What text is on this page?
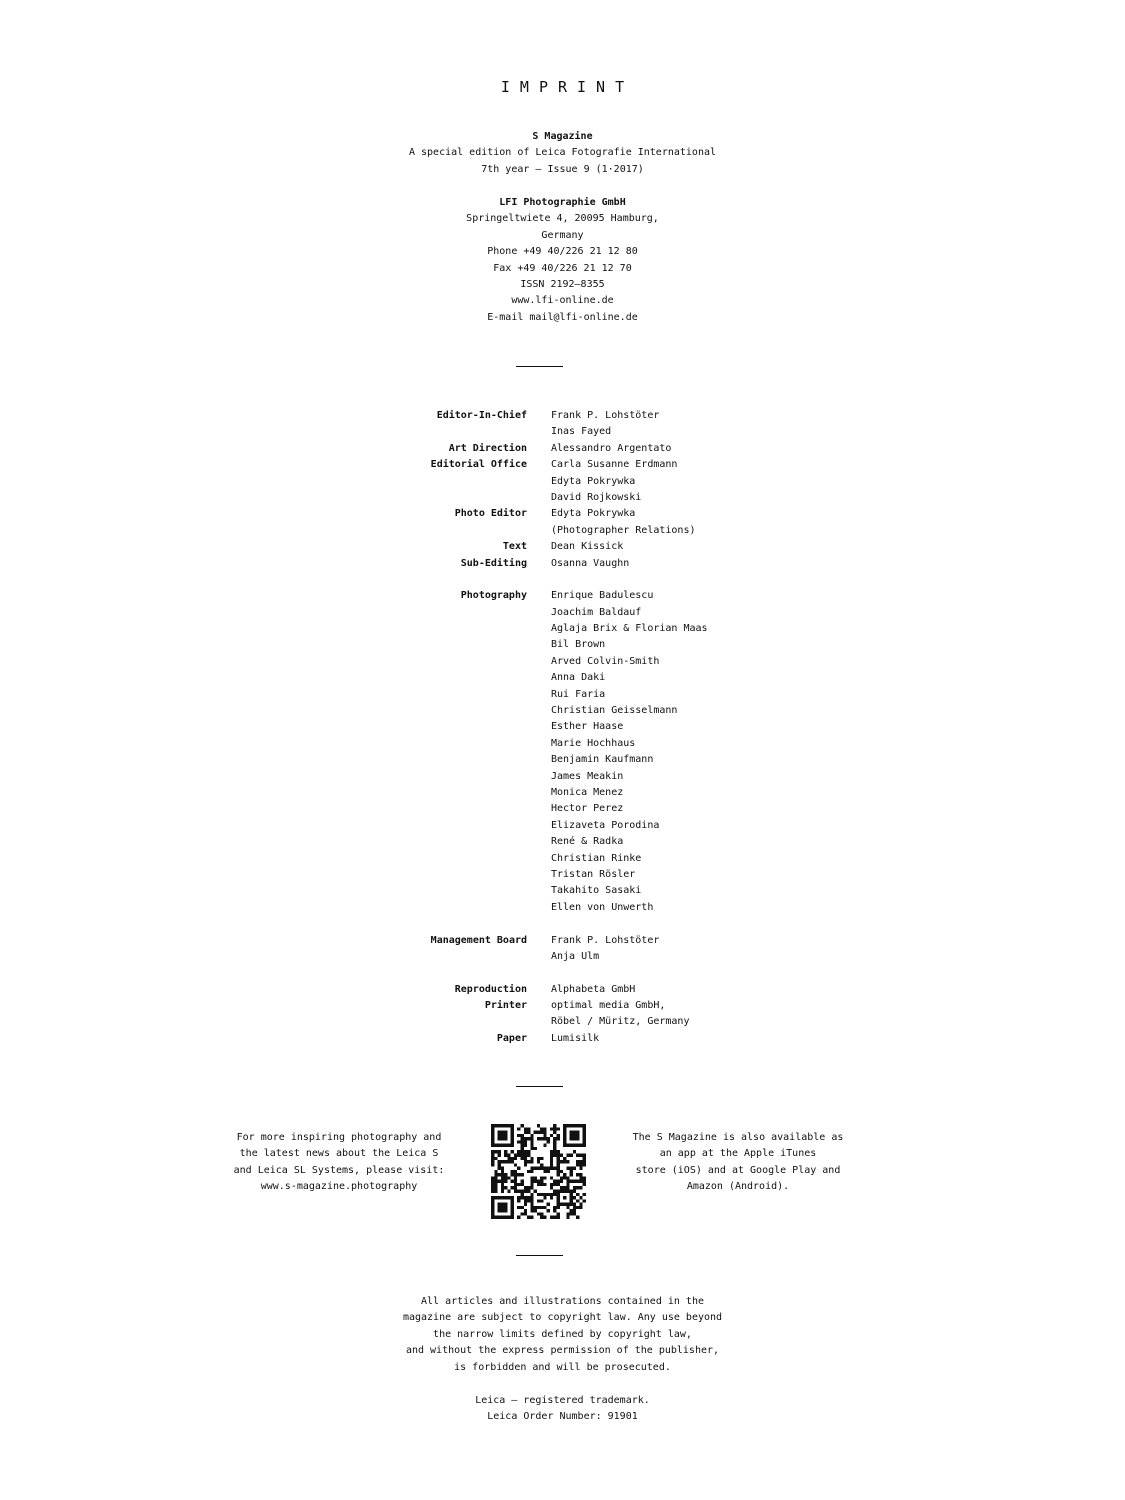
IMPRINT
S Magazine
A special edition of Leica Fotografie International
7th year – Issue 9 (1·2017)
LFI Photographie GmbH
Springeltwiete 4, 20095 Hamburg,
Germany
Phone +49 40/226 21 12 80
Fax +49 40/226 21 12 70
ISSN 2192–8355
www.lfi-online.de
E-mail mail@lfi-online.de
Editor-In-Chief Frank P. Lohstöter
Inas Fayed
Art Direction Alessandro Argentato
Editorial Office Carla Susanne Erdmann
Edyta Pokrywka
David Rojkowski
Photo Editor Edyta Pokrywka
(Photographer Relations)
Text Dean Kissick
Sub-Editing Osanna Vaughn
Photography Enrique Badulescu
Joachim Baldauf
Aglaja Brix & Florian Maas
Bil Brown
Arved Colvin-Smith
Anna Daki
Rui Faria
Christian Geisselmann
Esther Haase
Marie Hochhaus
Benjamin Kaufmann
James Meakin
Monica Menez
Hector Perez
Elizaveta Porodina
René & Radka
Christian Rinke
Tristan Rösler
Takahito Sasaki
Ellen von Unwerth
Management Board Frank P. Lohstöter
Anja Ulm
Reproduction Alphabeta GmbH
Printer optimal media GmbH,
Röbel / Müritz, Germany
Paper Lumisilk
For more inspiring photography and
the latest news about the Leica S
and Leica SL Systems, please visit:
www.s-magazine.photography
The S Magazine is also available as
an app at the Apple iTunes
store (iOS) and at Google Play and
Amazon (Android).
All articles and illustrations contained in the
magazine are subject to copyright law. Any use beyond
the narrow limits defined by copyright law,
and without the express permission of the publisher,
is forbidden and will be prosecuted.
Leica – registered trademark.
Leica Order Number: 91901
